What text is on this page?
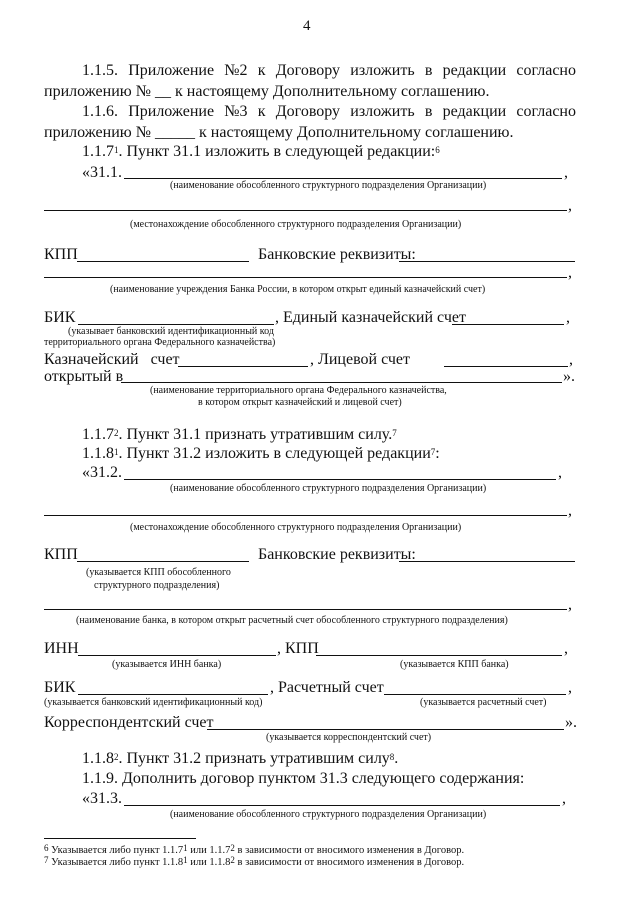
4
1.1.5. Приложение №2 к Договору изложить в редакции согласно
приложению № __ к настоящему Дополнительному соглашению.
1.1.6. Приложение №3 к Договору изложить в редакции согласно
приложению № _____ к настоящему Дополнительному соглашению.
1.1.7$^1$. Пункт 31.1 изложить в следующей редакции:$^6$
«31.1.	,
(наименование обособленного структурного подразделения Организации)
,
(местонахождение обособленного структурного подразделения Организации)
КПП	Банковские реквизиты:
,
(наименование учреждения Банка России, в котором открыт единый казначейский счет)
БИК	, Единый казначейский счет	,
(указывает банковский идентификационный код
территориального органа Федерального казначейства)
Казначейский счет	, Лицевой счет	,
открытый в	».
(наименование территориального органа Федерального казначейства,
в котором открыт казначейский и лицевой счет)
1.1.7$^2$. Пункт 31.1 признать утратившим силу.$^7$
1.1.8$^1$. Пункт 31.2 изложить в следующей редакции$^7$:
«31.2.	,
(наименование обособленного структурного подразделения Организации)
,
(местонахождение обособленного структурного подразделения Организации)
КПП	Банковские реквизиты:
(указывается КПП обособленного
структурного подразделения)
,
(наименование банка, в котором открыт расчетный счет обособленного структурного подразделения)
ИНН	, КПП	,
(указывается ИНН банка)	(указывается КПП банка)
БИК	, Расчетный счет	,
(указывается банковский идентификационный код)	(указывается расчетный счет)
Корреспондентский счет	».
(указывается корреспондентский счет)
1.1.8$^2$. Пункт 31.2 признать утратившим силу$^8$.
1.1.9. Дополнить договор пунктом 31.3 следующего содержания:
«31.3.	,
(наименование обособленного структурного подразделения Организации)
$^6$ Указывается либо пункт 1.1.7$^1$ или 1.1.7$^2$ в зависимости от вносимого изменения в Договор.
$^7$ Указывается либо пункт 1.1.8$^1$ или 1.1.8$^2$ в зависимости от вносимого изменения в Договор.
